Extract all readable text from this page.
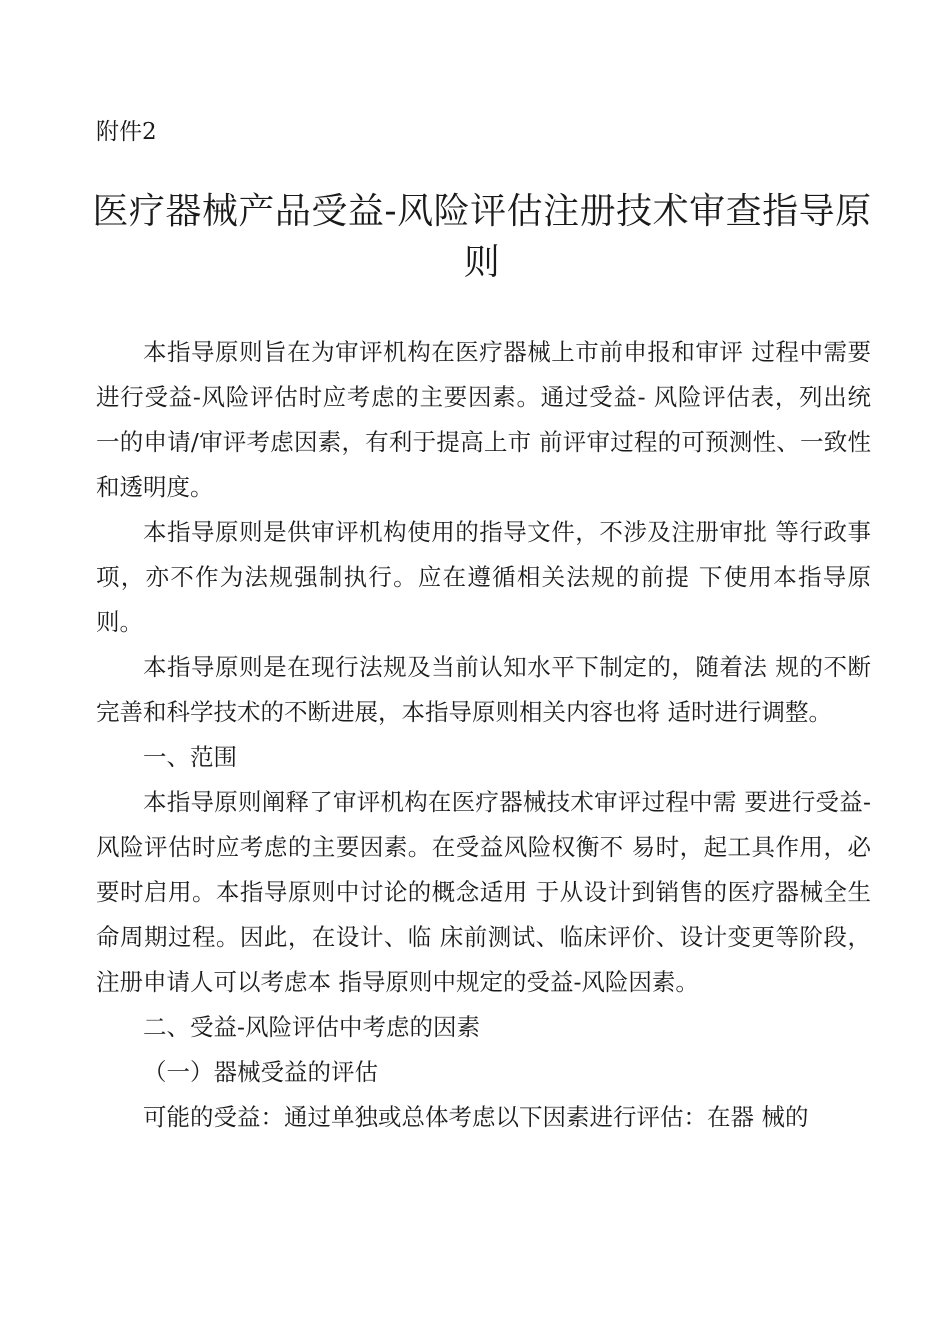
附件2

医疗器械产品受益-风险评估注册技术审查指导原则

本指导原则旨在为审评机构在医疗器械上市前申报和审评 过程中需要进行受益-风险评估时应考虑的主要因素。通过受益- 风险评估表，列出统一的申请/审评考虑因素，有利于提高上市 前评审过程的可预测性、一致性和透明度。

本指导原则是供审评机构使用的指导文件，不涉及注册审批 等行政事项，亦不作为法规强制执行。应在遵循相关法规的前提 下使用本指导原则。

本指导原则是在现行法规及当前认知水平下制定的，随着法 规的不断完善和科学技术的不断进展，本指导原则相关内容也将 适时进行调整。

一、范围

本指导原则阐释了审评机构在医疗器械技术审评过程中需 要进行受益-风险评估时应考虑的主要因素。在受益风险权衡不 易时，起工具作用，必要时启用。本指导原则中讨论的概念适用 于从设计到销售的医疗器械全生命周期过程。因此，在设计、临 床前测试、临床评价、设计变更等阶段，注册申请人可以考虑本 指导原则中规定的受益-风险因素。

二、受益-风险评估中考虑的因素

（一）器械受益的评估

可能的受益：通过单独或总体考虑以下因素进行评估：在器 械的
